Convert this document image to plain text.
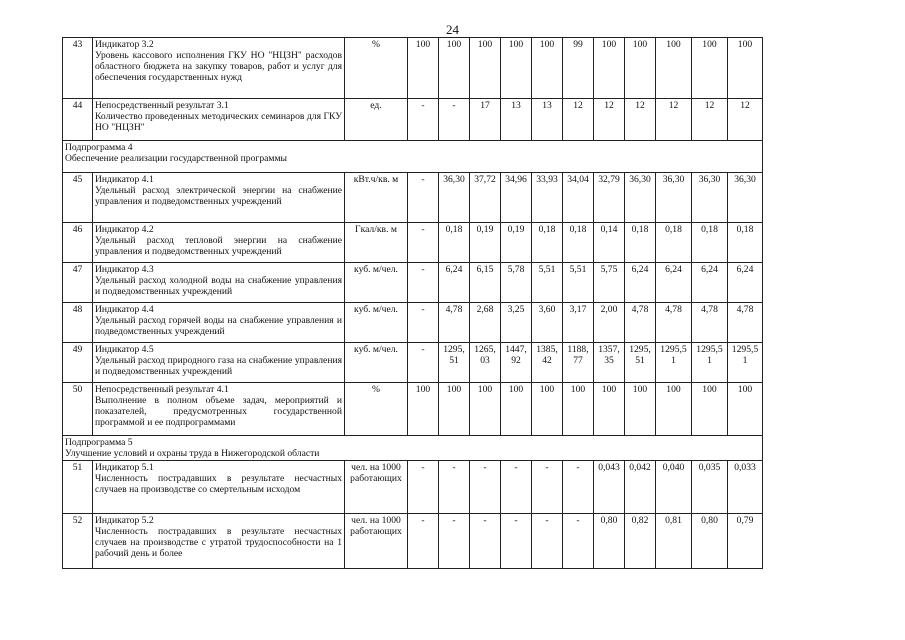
24
43	Индикатор 3.2
Уровень кассового исполнения ГКУ НО "НЦЗН" расходов областного бюджета на закупку товаров, работ и услуг для обеспечения государственных нужд	%	100	100	100	100	100	99	100	100	100	100	100
44	Непосредственный результат 3.1
Количество проведенных методических семинаров для ГКУ НО "НЦЗН"	ед.	-	-	17	13	13	12	12	12	12	12	12

Подпрограмма 4
Обеспечение реализации государственной программы													

45	Индикатор 4.1
Удельный расход электрической энергии на снабжение управления и подведомственных учреждений	кВт.ч/кв. м	-	36,30	37,72	34,96	33,93	34,04	32,79	36,30	36,30	36,30	36,30
46	Индикатор 4.2
Удельный расход тепловой энергии на снабжение управления и подведомственных учреждений	Гкал/кв. м	-	0,18	0,19	0,19	0,18	0,18	0,14	0,18	0,18	0,18	0,18
47	Индикатор 4.3
Удельный расход холодной воды на снабжение управления и подведомственных учреждений	куб. м/чел.	-	6,24	6,15	5,78	5,51	5,51	5,75	6,24	6,24	6,24	6,24
48	Индикатор 4.4
Удельный расход горячей воды на снабжение управления и подведомственных учреждений	куб. м/чел.	-	4,78	2,68	3,25	3,60	3,17	2,00	4,78	4,78	4,78	4,78
49	Индикатор 4.5
Удельный расход природного газа на снабжение управления и подведомственных учреждений	куб. м/чел.	-	1295,51	1265,03	1447,92	1385,42	1188,77	1357,35	1295,51	1295,51	1295,51	1295,51
50	Непосредственный результат 4.1
Выполнение в полном объеме задач, мероприятий и показателей, предусмотренных государственной программой и ее подпрограммами	%	100	100	100	100	100	100	100	100	100	100	100

Подпрограмма 5
Улучшение условий и охраны труда в Нижегородской области													

51	Индикатор 5.1
Численность пострадавших в результате несчастных случаев на производстве со смертельным исходом	чел. на 1000 работающих	-	-	-	-	-	-	0,043	0,042	0,040	0,035	0,033
52	Индикатор 5.2
Численность пострадавших в результате несчастных случаев на производстве с утратой трудоспособности на 1 рабочий день и более	чел. на 1000 работающих	-	-	-	-	-	-	0,80	0,82	0,81	0,80	0,79
